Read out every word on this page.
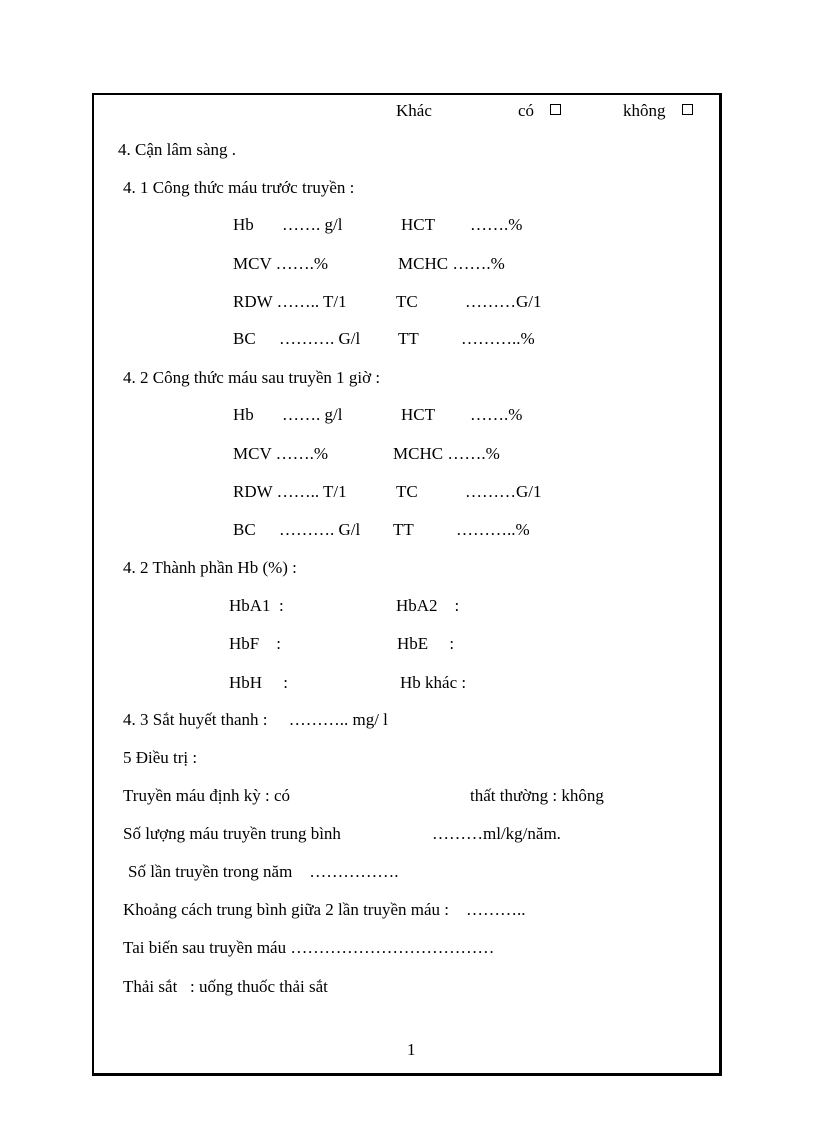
Khác	có	không
4. Cận lâm sàng .
4. 1 Công thức máu trước truyền :
Hb ……. g/l	HCT …….%
MCV …….%	MCHC …….%
RDW …….. T/1	TC	………G/1
BC ………. G/l TT ………..%
4. 2 Công thức máu sau truyền 1 giờ :
Hb ……. g/l	HCT …….%
MCV …….%	MCHC …….%
RDW …….. T/1	TC	………G/1
BC ………. G/l TT ………..%
4. 2 Thành phần Hb (%) :
HbA1  :	HbA2    :
HbF    :	HbE     :
HbH     :	Hb khác :
4. 3 Sắt huyết thanh :     ……….. mg/ l
5 Điều trị :
Truyền máu định kỳ : có	thất thường : không
Số lượng máu truyền trung bình	………ml/kg/năm.
Số lần truyền trong năm    …………….
Khoảng cách trung bình giữa 2 lần truyền máu :    ………..
Tai biến sau truyền máu ………………………………
Thải sắt   : uống thuốc thải sắt
1
